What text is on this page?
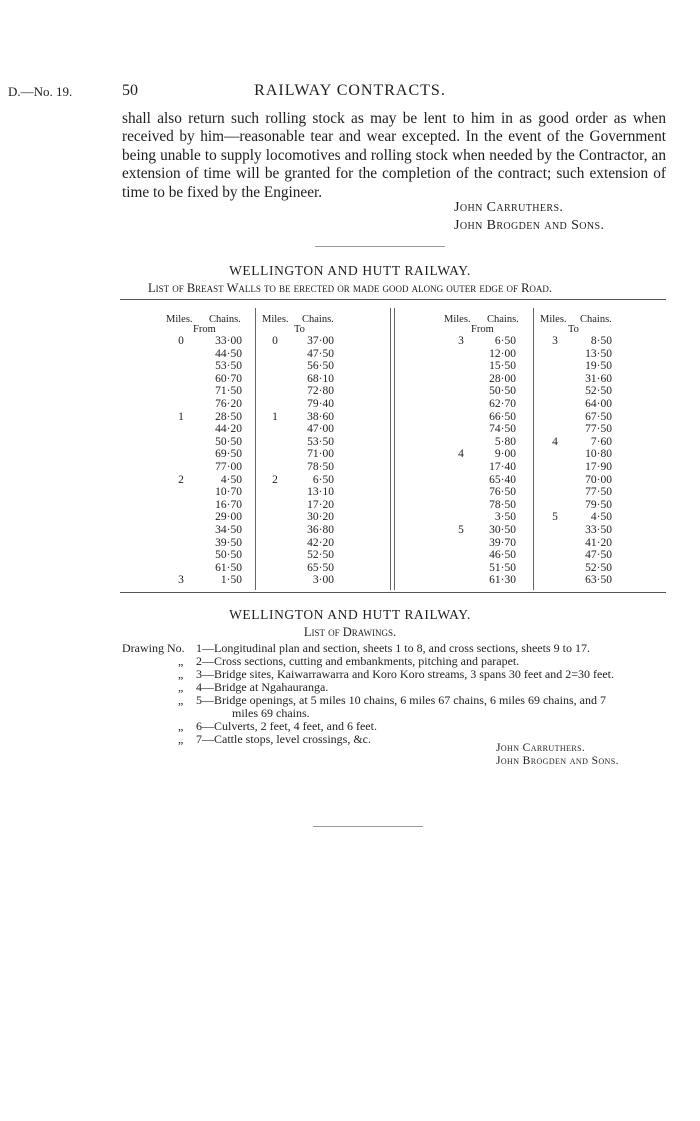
D.—No. 19.	50	RAILWAY CONTRACTS.
shall also return such rolling stock as may be lent to him in as good order as when received by him—reasonable tear and wear excepted. In the event of the Government being unable to supply locomotives and rolling stock when needed by the Contractor, an extension of time will be granted for the completion of the contract; such extension of time to be fixed by the Engineer.
John Carruthers.
John Brogden and Sons.
WELLINGTON AND HUTT RAILWAY.
List of Breast Walls to be erected or made good along outer edge of Road.
Miles. Chains.
From
Miles. Chains.
To
Miles. Chains.
From
Miles. Chains.
To
0
1
2
3
33·00
44·50
53·50
60·70
71·50
76·20
28·50
44·20
50·50
69·50
77·00
4·50
10·70
16·70
29·00
34·50
39·50
50·50
61·50
1·50
0
1
2
37·00
47·50
56·50
68·10
72·80
79·40
38·60
47·00
53·50
71·00
78·50
6·50
13·10
17·20
30·20
36·80
42·20
52·50
65·50
3·00
3
4
5
6·50
12·00
15·50
28·00
50·50
62·70
66·50
74·50
5·80
9·00
17·40
65·40
76·50
78·50
3·50
30·50
39·70
46·50
51·50
61·30
3
4
5
8·50
13·50
19·50
31·60
52·50
64·00
67·50
77·50
7·60
10·80
17·90
70·00
77·50
79·50
4·50
33·50
41·20
47·50
52·50
63·50
WELLINGTON AND HUTT RAILWAY.
List of Drawings.
Drawing No. 1—Longitudinal plan and section, sheets 1 to 8, and cross sections, sheets 9 to 17.
„ 2—Cross sections, cutting and embankments, pitching and parapet.
„ 3—Bridge sites, Kaiwarrawarra and Koro Koro streams, 3 spans 30 feet and 2=30 feet.
„ 4—Bridge at Ngahauranga.
„ 5—Bridge openings, at 5 miles 10 chains, 6 miles 67 chains, 6 miles 69 chains, and 7
miles 69 chains.
„ 6—Culverts, 2 feet, 4 feet, and 6 feet.
„ 7—Cattle stops, level crossings, &c.
John Carruthers.
John Brogden and Sons.
